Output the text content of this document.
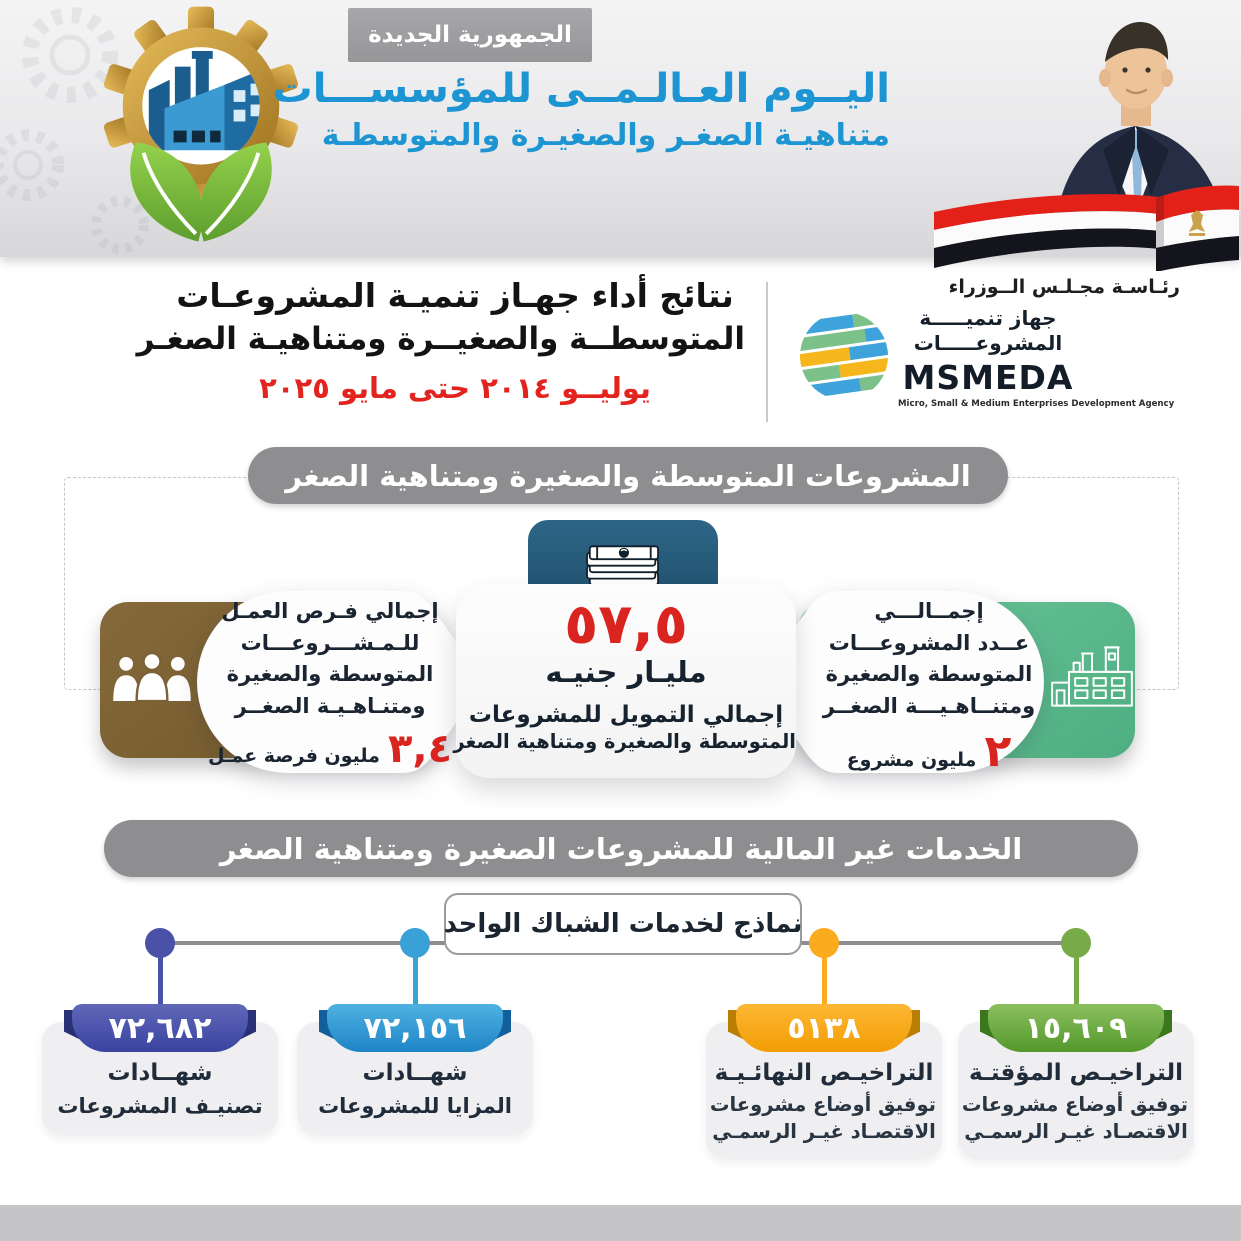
الجمهورية الجديدة
اليــوم العـالـمــى للمؤسســـات
متناهيـة الصغـر والصغيـرة والمتوسطـة
نتائج أداء جهـاز تنميـة المشروعـات
المتوسطــة والصغيــرة ومتناهيـة الصغـر
يوليــو ٢٠١٤ حتى مايو ٢٠٢٥
رئـاسـة مجـلـس الــوزراء
جهاز تنميـــــة
المشروعـــــات
MSMEDA
Micro, Small & Medium Enterprises Development Agency
المشروعات المتوسطة والصغيرة ومتناهية الصغر
إجمالي فـرص العمـل
للـمـشـــروعـــات
المتوسطة والصغيرة
ومتنـاهـيـة الصغــر
٣,٤
مليون فرصة عمـل
إجمــالـــي
عــدد المشروعـــات
المتوسطة والصغيرة
ومتنــاهـيـــة الصغــر
٢
مليون مشروع
٥٧,٥
مليـار جنيـه
إجمالي التمويل للمشروعات
المتوسطة والصغيرة ومتناهية الصغر
الخدمات غير المالية للمشروعات الصغيرة ومتناهية الصغر
نماذج لخدمات الشباك الواحد
شهــادات
تصنيـف المشروعات
٧٢,٦٨٢
شهــادات
المزايا للمشروعات
٧٢,١٥٦
التراخيـص النهائـيـة
توفيق أوضاع مشروعات
الاقتصـاد غيـر الرسمـي
٥١٣٨
التراخيـص المؤقتـة
توفيق أوضاع مشروعات
الاقتصـاد غيـر الرسمـي
١٥,٦٠٩
